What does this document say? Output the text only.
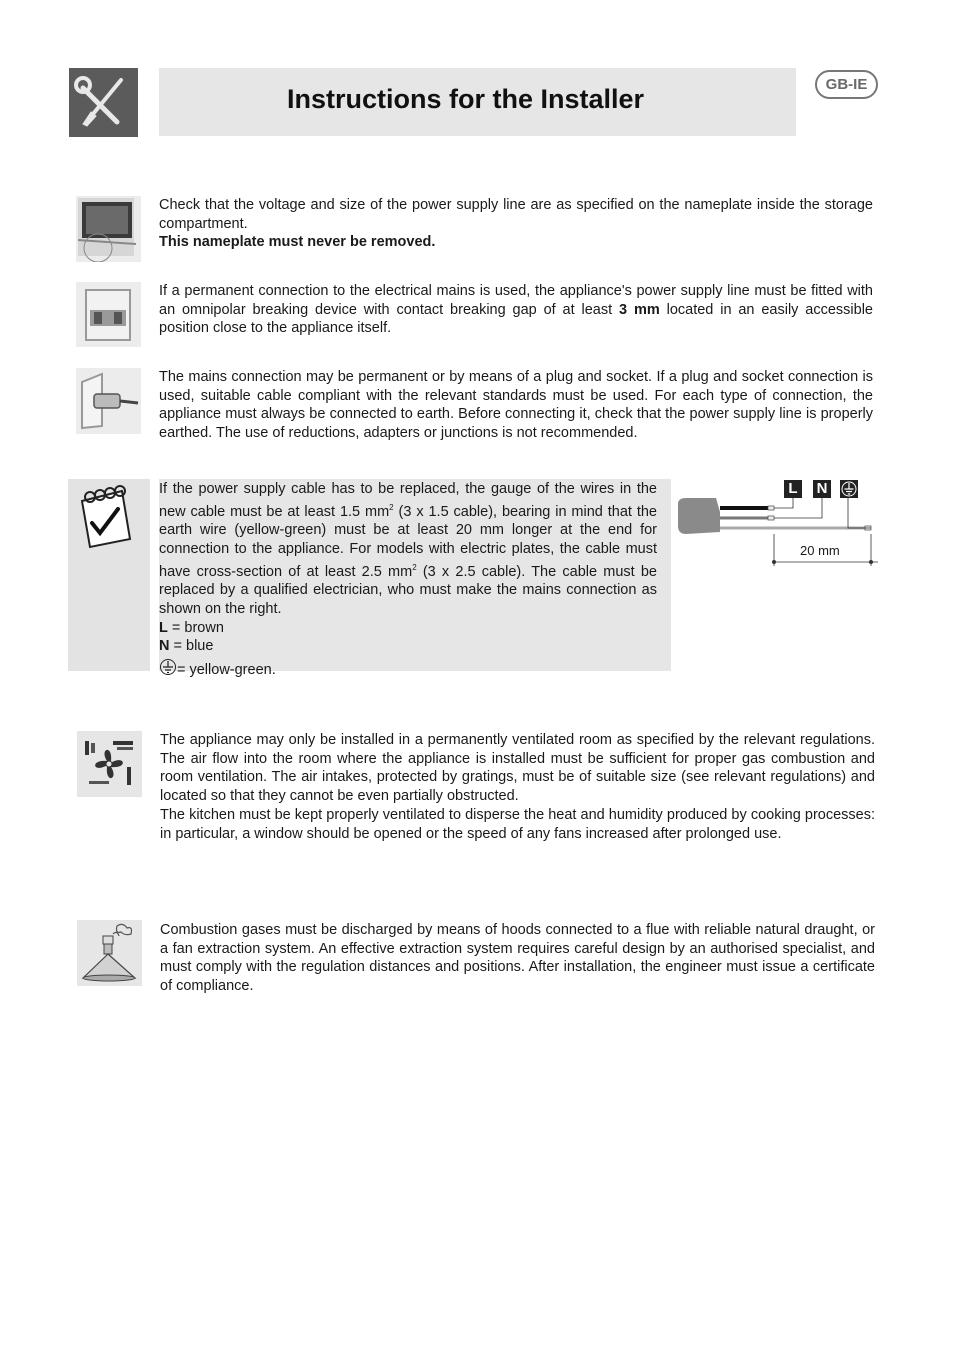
Instructions for the Installer	GB-IE

Check that the voltage and size of the power supply line are as specified on the nameplate inside the storage compartment.

This nameplate must never be removed.

If a permanent connection to the electrical mains is used, the appliance's power supply line must be fitted with an omnipolar breaking device with contact breaking gap of at least 3 mm located in an easily accessible position close to the appliance itself.

The mains connection may be permanent or by means of a plug and socket. If a plug and socket connection is used, suitable cable compliant with the relevant standards must be used. For each type of connection, the appliance must always be connected to earth. Before connecting it, check that the power supply line is properly earthed. The use of reductions, adapters or junctions is not recommended.

If the power supply cable has to be replaced, the gauge of the wires in the new cable must be at least 1.5 $mm^2$ (3 x 1.5 cable), bearing in mind that the earth wire (yellow-green) must be at least 20 mm longer at the end for connection to the appliance. For models with electric plates, the cable must have cross-section of at least 2.5 $mm^2$ (3 x 2.5 cable). The cable must be replaced by a qualified electrician, who must make the mains connection as shown on the right.
L = brown
N = blue
= yellow-green.
L N
20 mm

The appliance may only be installed in a permanently ventilated room as specified by the relevant regulations. The air flow into the room where the appliance is installed must be sufficient for proper gas combustion and room ventilation. The air intakes, protected by gratings, must be of suitable size (see relevant regulations) and located so that they cannot be even partially obstructed.

The kitchen must be kept properly ventilated to disperse the heat and humidity produced by cooking processes: in particular, a window should be opened or the speed of any fans increased after prolonged use.

Combustion gases must be discharged by means of hoods connected to a flue with reliable natural draught, or a fan extraction system. An effective extraction system requires careful design by an authorised specialist, and must comply with the regulation distances and positions. After installation, the engineer must issue a certificate of compliance.
